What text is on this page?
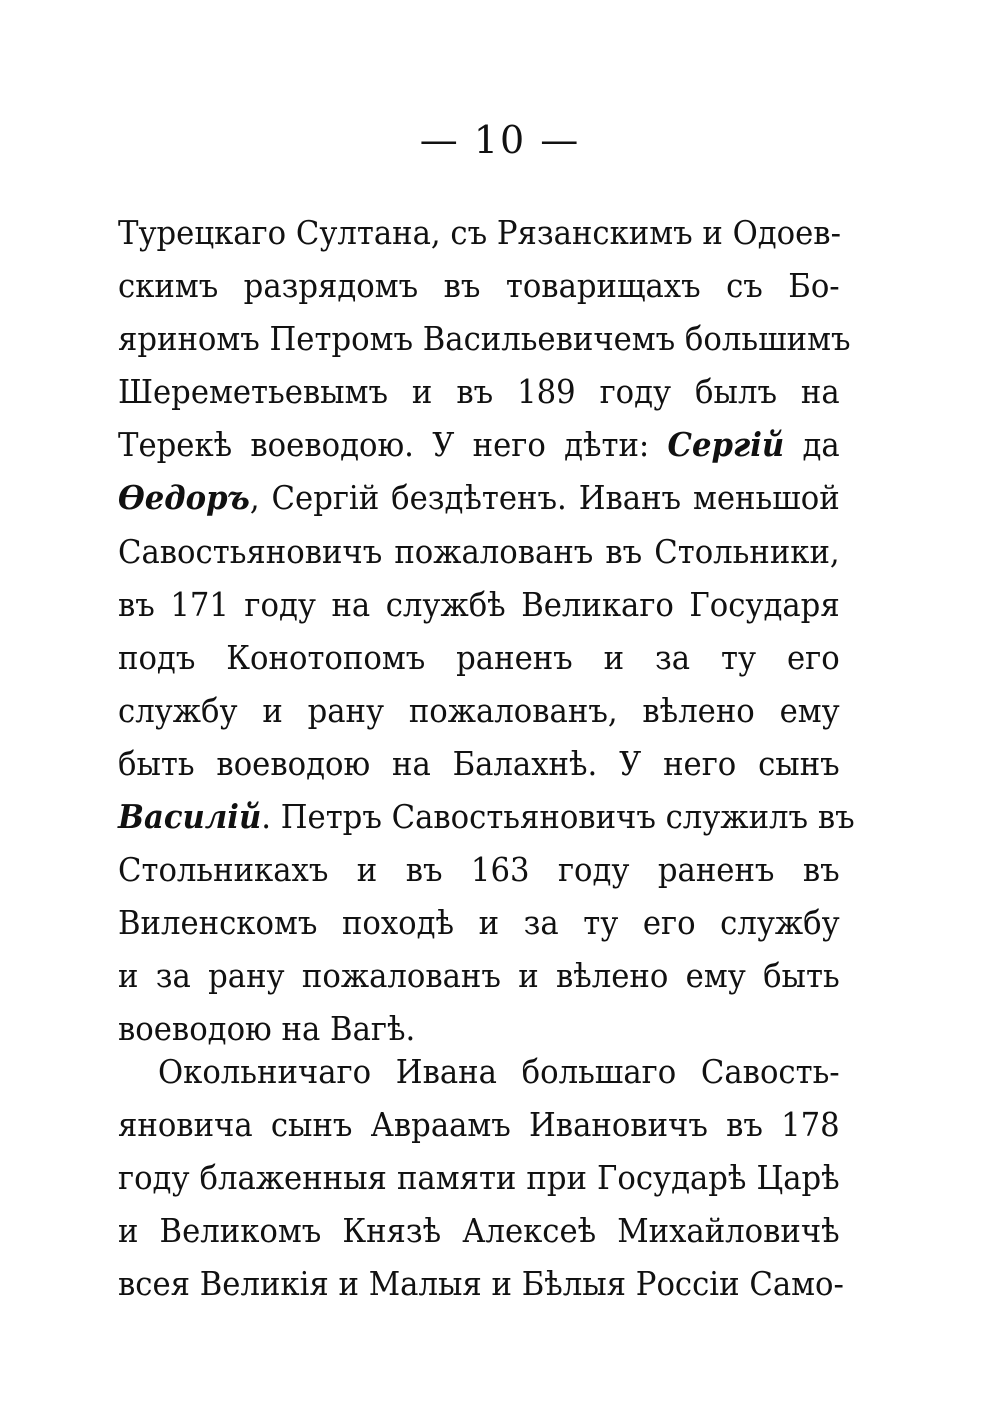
— 10 —
Турецкаго Султана, съ Рязанскимъ и Одоев-
скимъ разрядомъ въ товарищахъ съ Бо-
яриномъ Петромъ Васильевичемъ большимъ
Шереметьевымъ и въ 189 году былъ на
Терекѣ воеводою. У него дѣти: Сергій да
Ѳедоръ, Сергій бездѣтенъ. Иванъ меньшой
Савостьяновичъ пожалованъ въ Стольники,
въ 171 году на службѣ Великаго Государя
подъ Конотопомъ раненъ и за ту его
службу и рану пожалованъ, вѣлено ему
быть воеводою на Балахнѣ. У него сынъ
Василій. Петръ Савостьяновичъ служилъ въ
Стольникахъ и въ 163 году раненъ въ
Виленскомъ походѣ и за ту его службу
и за рану пожалованъ и вѣлено ему быть
воеводою на Вагѣ.
Окольничаго Ивана большаго Савость-
яновича сынъ Авраамъ Ивановичъ въ 178
году блаженныя памяти при Государѣ Царѣ
и Великомъ Князѣ Алексеѣ Михайловичѣ
всея Великія и Малыя и Бѣлыя Россіи Само-
